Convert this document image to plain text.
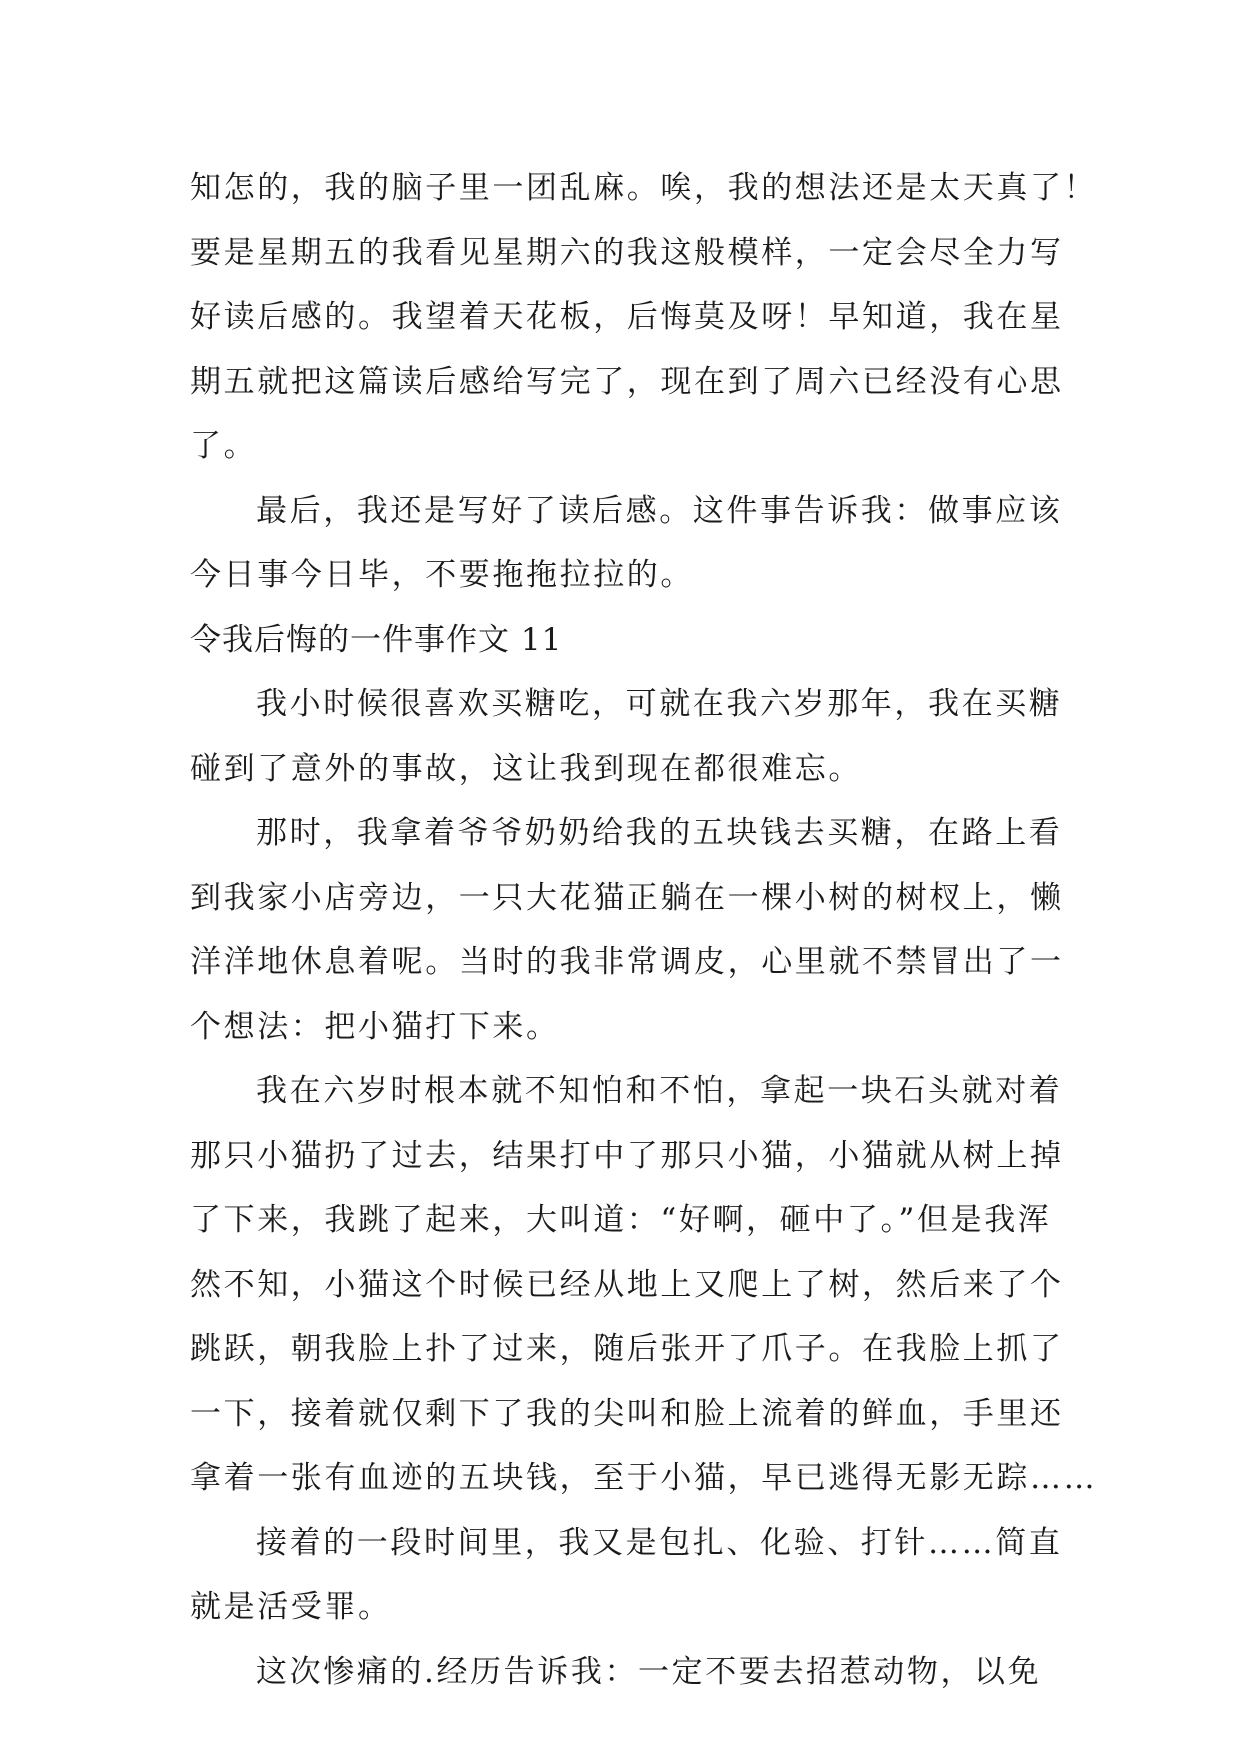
知怎的，我的脑子里一团乱麻。唉，我的想法还是太天真了！
要是星期五的我看见星期六的我这般模样，一定会尽全力写
好读后感的。我望着天花板，后悔莫及呀！早知道，我在星
期五就把这篇读后感给写完了，现在到了周六已经没有心思
了。
最后，我还是写好了读后感。这件事告诉我：做事应该
今日事今日毕，不要拖拖拉拉的。
令我后悔的一件事作文 11
我小时候很喜欢买糖吃，可就在我六岁那年，我在买糖
碰到了意外的事故，这让我到现在都很难忘。
那时，我拿着爷爷奶奶给我的五块钱去买糖，在路上看
到我家小店旁边，一只大花猫正躺在一棵小树的树杈上，懒
洋洋地休息着呢。当时的我非常调皮，心里就不禁冒出了一
个想法：把小猫打下来。
我在六岁时根本就不知怕和不怕，拿起一块石头就对着
那只小猫扔了过去，结果打中了那只小猫，小猫就从树上掉
了下来，我跳了起来，大叫道：“好啊，砸中了。”但是我浑
然不知，小猫这个时候已经从地上又爬上了树，然后来了个
跳跃，朝我脸上扑了过来，随后张开了爪子。在我脸上抓了
一下，接着就仅剩下了我的尖叫和脸上流着的鲜血，手里还
拿着一张有血迹的五块钱，至于小猫，早已逃得无影无踪……
接着的一段时间里，我又是包扎、化验、打针……简直
就是活受罪。
这次惨痛的.经历告诉我：一定不要去招惹动物，以免
